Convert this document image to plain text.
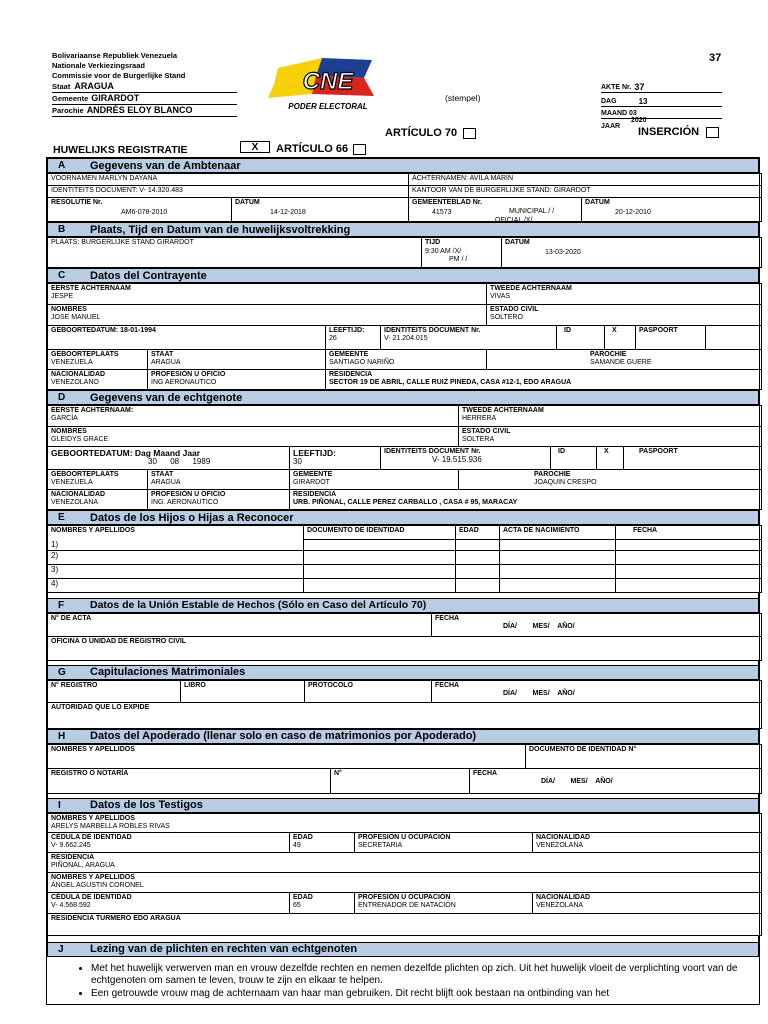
37
Bolivariaanse Republiek Venezuela
Nationale Verkiezingsraad
Commissie voor de Burgerlijke Stand
Staat ARAGUA
Gemeente GIRARDOT
Parochie ANDRÉS ELOY BLANCO
CNE
PODER ELECTORAL
(stempel)
AKTE Nr. 37
DAG	13
MAAND 03
JAAR
2020
ARTÍCULO 70	INSERCIÓN
HUWELIJKS REGISTRATIE	X	ARTÍCULO 66
A	Gegevens van de Ambtenaar
VOORNAMEN MARLYN DAYANA		ACHTERNAMEN: AVILA MARÍN	

IDENTITEITS DOCUMENT: V- 14.320.483		KANTOOR VAN DE BURGERLIJKE STAND: GIRARDOT	

RESOLUTIE Nr.
AM6-078-2010	DATUM
14-12-2018	GEMEENTEBLAD Nr.
41573 MUNICIPAL / /
OFICIAL /X/	DATUM
20-12-2010
B	Plaats, Tijd en Datum van de huwelijksvoltrekking
PLAATS: BURGERLIJKE STAND GIRARDOT	TIJD
9:30 AM /X/
PM / /

DATUM
13-03-2020
C	Datos del Contrayente
EERSTE ACHTERNAAM
JESPE				TWEEDE ACHTERNAAM
VIVAS				

NOMBRES
JOSE MANUEL				ESTADO CIVIL
SOLTERO				

GEBOORTEDATUM: 18-01-1994		LEEFTIJD:
26	IDENTITEITS DOCUMENT Nr.
V- 21.204.015		ID	X	PASPOORT	

GEBOORTEPLAATS
VENEZUELA	STAAT
ARAGUA	GEMEENTE
SANTIAGO NARIÑO		PAROCHIE
SAMANDE GUERE				

NACIONALIDAD
VENEZOLANO	PROFESIÓN U OFICIO
ING AERONAUTICO	RESIDENCIA
SECTOR 19 DE ABRIL, CALLE RUIZ PINEDA, CASA #12-1, EDO ARAGUA						
D	Gegevens van de echtgenote
EERSTE ACHTERNAAM:
GARCÍA				TWEEDE ACHTERNAAM
HERRERA			

NOMBRES
GLEIDYS GRACE				ESTADO CIVIL
SOLTERA			

GEBOORTEDATUM: Dag Maand Jaar
30      08      1989		LEEFTIJD:
30	IDENTITEITS DOCUMENT Nr.
V- 19.515.936		ID	X	PASPOORT

GEBOORTEPLAATS
VENEZUELA	STAAT
ARAGUA	GEMEENTE
GIRARDOT		PAROCHIE
JOAQUIN CRESPO			

NACIONALIDAD
VENEZOLANA	PROFESIÓN U OFICIO
ING. AERONAUTICO	RESIDENCIA
URB. PIÑONAL, CALLE PEREZ CARBALLO , CASA # 95, MARACAY					
E	Datos de los Hijos o Hijas a Reconocer
NOMBRES Y APELLIDOS	DOCUMENTO DE IDENTIDAD	EDAD	ACTA DE NACIMIENTO	FECHA

1)				
2)				
3)				
4)				
F	Datos de la Unión Estable de Hechos (Sólo en Caso del Artículo 70)
N° DE ACTA	FECHA
DÍA/        MES/    AÑO/

OFICINA O UNIDAD DE REGISTRO CIVIL
G	Capitulaciones Matrimoniales
N° REGISTRO	LIBRO	PROTOCOLO	FECHA
DÍA/        MES/    AÑO/

AUTORIDAD QUE LO EXPIDE
H	Datos del Apoderado (llenar solo en caso de matrimonios por Apoderado)
NOMBRES Y APELLIDOS			DOCUMENTO DE IDENTIDAD N°

REGISTRO O NOTARÍA	N°	FECHA
DÍA/        MES/    AÑO/	
I	Datos de los Testigos
NOMBRES Y APELLIDOS
ARELYS MARBELLA ROBLES RIVAS			

CÉDULA DE IDENTIDAD
V- 9.662.245	EDAD
49	PROFESIÓN U OCUPACIÓN
SECRETARIA	NACIONALIDAD
VENEZOLANA

RESIDENCIA
PIÑONAL, ARAGUA			

NOMBRES Y APELLIDOS
ÁNGEL AGUSTIN CORONEL			

CÉDULA DE IDENTIDAD
V- 4.568.592	EDAD
65	PROFESIÓN U OCUPACIÓN
ENTRENADOR DE NATACIÓN	NACIONALIDAD
VENEZOLANA

RESIDENCIA TURMERO EDO ARAGUA			
J	Lezing van de plichten en rechten van echtgenoten
• Met het huwelijk verwerven man en vrouw dezelfde rechten en nemen dezelfde plichten op zich. Uit het huwelijk vloeit de verplichting voort van de echtgenoten om samen te leven, trouw te zijn en elkaar te helpen.
• Een getrouwde vrouw mag de achternaam van haar man gebruiken. Dit recht blijft ook bestaan na ontbinding van het
